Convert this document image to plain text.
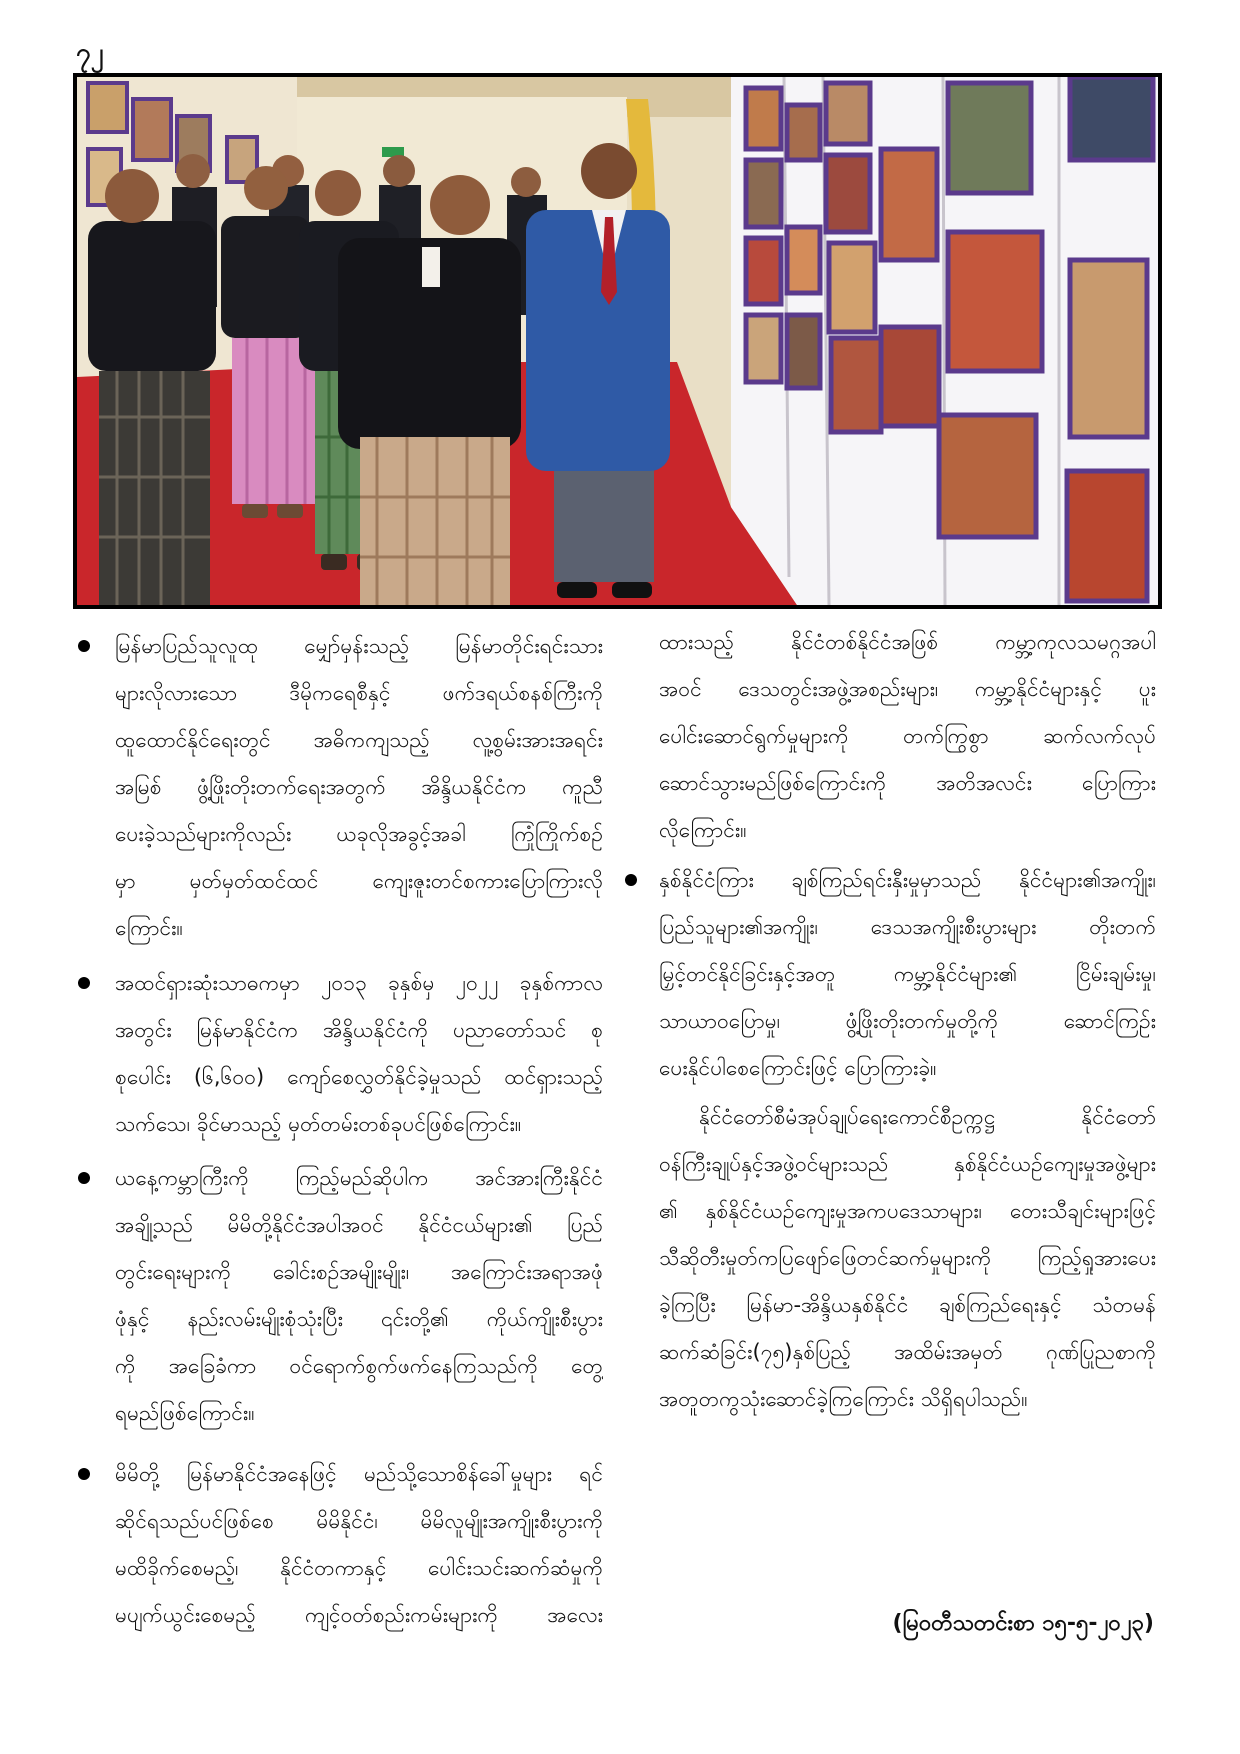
၇၂
မြန်မာပြည်သူလူထု မျှော်မှန်းသည့် မြန်မာတိုင်းရင်းသား
များလိုလားသော ဒီမိုကရေစီနှင့် ဖက်ဒရယ်စနစ်ကြီးကို
ထူထောင်နိုင်ရေးတွင် အဓိကကျသည့် လူ့စွမ်းအားအရင်း
အမြစ် ဖွံ့ဖြိုးတိုးတက်ရေးအတွက် အိန္ဒိယနိုင်ငံက ကူညီ
ပေးခဲ့သည်များကိုလည်း ယခုလိုအခွင့်အခါ ကြုံကြိုက်စဉ်
မှာ မှတ်မှတ်ထင်ထင် ကျေးဇူးတင်စကားပြောကြားလို
ကြောင်း။
အထင်ရှားဆုံးသာဓကမှာ ၂၀၁၃ ခုနှစ်မှ ၂၀၂၂ ခုနှစ်ကာလ
အတွင်း မြန်မာနိုင်ငံက အိန္ဒိယနိုင်ငံကို ပညာတော်သင် စု
စုပေါင်း (၆,၆၀၀) ကျော်စေလွှတ်နိုင်ခဲ့မှုသည် ထင်ရှားသည့်
သက်သေ၊ ခိုင်မာသည့် မှတ်တမ်းတစ်ခုပင်ဖြစ်ကြောင်း။
ယနေ့ကမ္ဘာကြီးကို ကြည့်မည်ဆိုပါက အင်အားကြီးနိုင်ငံ
အချို့သည် မိမိတို့နိုင်ငံအပါအဝင် နိုင်ငံငယ်များ၏ ပြည်
တွင်းရေးများကို ခေါင်းစဉ်အမျိုးမျိုး၊ အကြောင်းအရာအဖုံ
ဖုံနှင့် နည်းလမ်းမျိုးစုံသုံးပြီး ၎င်းတို့၏ ကိုယ်ကျိုးစီးပွား
ကို အခြေခံကာ ဝင်ရောက်စွက်ဖက်နေကြသည်ကို တွေ့
ရမည်ဖြစ်ကြောင်း။
မိမိတို့ မြန်မာနိုင်ငံအနေဖြင့် မည်သို့သောစိန်ခေါ်မှုများ ရင်
ဆိုင်ရသည်ပင်ဖြစ်စေ မိမိနိုင်ငံ၊ မိမိလူမျိုးအကျိုးစီးပွားကို
မထိခိုက်စေမည့်၊ နိုင်ငံတကာနှင့် ပေါင်းသင်းဆက်ဆံမှုကို
မပျက်ယွင်းစေမည့် ကျင့်ဝတ်စည်းကမ်းများကို အလေး
ထားသည့် နိုင်ငံတစ်နိုင်ငံအဖြစ် ကမ္ဘာ့ကုလသမဂ္ဂအပါ
အဝင် ဒေသတွင်းအဖွဲ့အစည်းများ၊ ကမ္ဘာ့နိုင်ငံများနှင့် ပူး
ပေါင်းဆောင်ရွက်မှုများကို တက်ကြွစွာ ဆက်လက်လုပ်
ဆောင်သွားမည်ဖြစ်ကြောင်းကို အတိအလင်း ပြောကြား
လိုကြောင်း။
နှစ်နိုင်ငံကြား ချစ်ကြည်ရင်းနှီးမှုမှာသည် နိုင်ငံများ၏အကျိုး၊
ပြည်သူများ၏အကျိုး၊ ဒေသအကျိုးစီးပွားများ တိုးတက်
မြှင့်တင်နိုင်ခြင်းနှင့်အတူ ကမ္ဘာ့နိုင်ငံများ၏ ငြိမ်းချမ်းမှု၊
သာယာဝပြောမှု၊ ဖွံ့ဖြိုးတိုးတက်မှုတို့ကို ဆောင်ကြဉ်း
ပေးနိုင်ပါစေကြောင်းဖြင့် ပြောကြားခဲ့။
နိုင်ငံတော်စီမံအုပ်ချုပ်ရေးကောင်စီဥက္ကဋ္ဌ နိုင်ငံတော်
ဝန်ကြီးချုပ်နှင့်အဖွဲ့ဝင်များသည် နှစ်နိုင်ငံယဉ်ကျေးမှုအဖွဲ့များ
၏ နှစ်နိုင်ငံယဉ်ကျေးမှုအကပဒေသာများ၊ တေးသီချင်းများဖြင့်
သီဆိုတီးမှုတ်ကပြဖျော်ဖြေတင်ဆက်မှုများကို ကြည့်ရှုအားပေး
ခဲ့ကြပြီး မြန်မာ-အိန္ဒိယနှစ်နိုင်ငံ ချစ်ကြည်ရေးနှင့် သံတမန်
ဆက်ဆံခြင်း(၇၅)နှစ်ပြည့် အထိမ်းအမှတ် ဂုဏ်ပြုညစာကို
အတူတကွသုံးဆောင်ခဲ့ကြကြောင်း သိရှိရပါသည်။
(မြဝတီသတင်းစာ ၁၅-၅-၂၀၂၃)
